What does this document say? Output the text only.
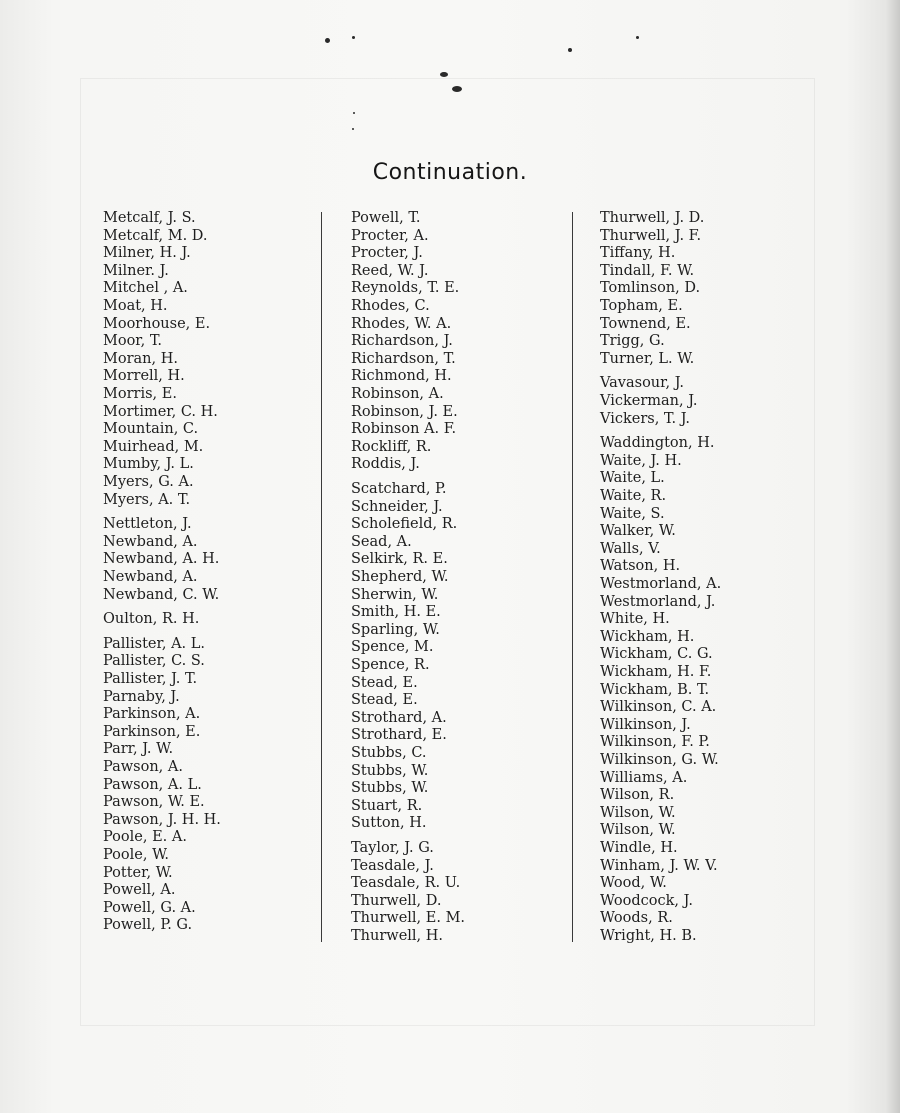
Continuation.
Metcalf, J. S.
Metcalf, M. D.
Milner, H. J.
Milner. J.
Mitchel , A.
Moat, H.
Moorhouse, E.
Moor, T.
Moran, H.
Morrell, H.
Morris, E.
Mortimer, C. H.
Mountain, C.
Muirhead, M.
Mumby, J. L.
Myers, G. A.
Myers, A. T.
Nettleton, J.
Newband, A.
Newband, A. H.
Newband, A.
Newband, C. W.
Oulton, R. H.
Pallister, A. L.
Pallister, C. S.
Pallister, J. T.
Parnaby, J.
Parkinson, A.
Parkinson, E.
Parr, J. W.
Pawson, A.
Pawson, A. L.
Pawson, W. E.
Pawson, J. H. H.
Poole, E. A.
Poole, W.
Potter, W.
Powell, A.
Powell, G. A.
Powell, P. G.
Powell, T.
Procter, A.
Procter, J.
Reed, W. J.
Reynolds, T. E.
Rhodes, C.
Rhodes, W. A.
Richardson, J.
Richardson, T.
Richmond, H.
Robinson, A.
Robinson, J. E.
Robinson A. F.
Rockliff, R.
Roddis, J.
Scatchard, P.
Schneider, J.
Scholefield, R.
Sead, A.
Selkirk, R. E.
Shepherd, W.
Sherwin, W.
Smith, H. E.
Sparling, W.
Spence, M.
Spence, R.
Stead, E.
Stead, E.
Strothard, A.
Strothard, E.
Stubbs, C.
Stubbs, W.
Stubbs, W.
Stuart, R.
Sutton, H.
Taylor, J. G.
Teasdale, J.
Teasdale, R. U.
Thurwell, D.
Thurwell, E. M.
Thurwell, H.
Thurwell, J. D.
Thurwell, J. F.
Tiffany, H.
Tindall, F. W.
Tomlinson, D.
Topham, E.
Townend, E.
Trigg, G.
Turner, L. W.
Vavasour, J.
Vickerman, J.
Vickers, T. J.
Waddington, H.
Waite, J. H.
Waite, L.
Waite, R.
Waite, S.
Walker, W.
Walls, V.
Watson, H.
Westmorland, A.
Westmorland, J.
White, H.
Wickham, H.
Wickham, C. G.
Wickham, H. F.
Wickham, B. T.
Wilkinson, C. A.
Wilkinson, J.
Wilkinson, F. P.
Wilkinson, G. W.
Williams, A.
Wilson, R.
Wilson, W.
Wilson, W.
Windle, H.
Winham, J. W. V.
Wood, W.
Woodcock, J.
Woods, R.
Wright, H. B.
